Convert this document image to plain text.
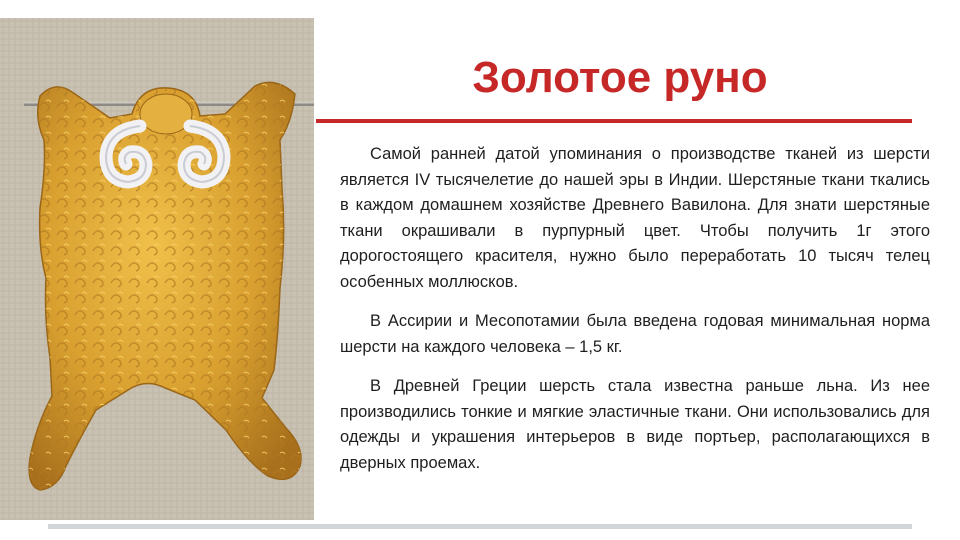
Золотое руно

Самой ранней датой упоминания о производстве тканей из шерсти является IV тысячелетие до нашей эры в Индии. Шерстяные ткани ткались в каждом домашнем хозяйстве Древнего Вавилона. Для знати шерстяные ткани окрашивали в пурпурный цвет. Чтобы получить 1г этого дорогостоящего красителя, нужно было переработать 10 тысяч телец особенных моллюсков.

В Ассирии и Месопотамии была введена годовая минимальная норма шерсти на каждого человека – 1,5 кг.

В Древней Греции шерсть стала известна раньше льна. Из нее производились тонкие и мягкие эластичные ткани. Они использовались для одежды и украшения интерьеров в виде портьер, располагающихся в дверных проемах.
